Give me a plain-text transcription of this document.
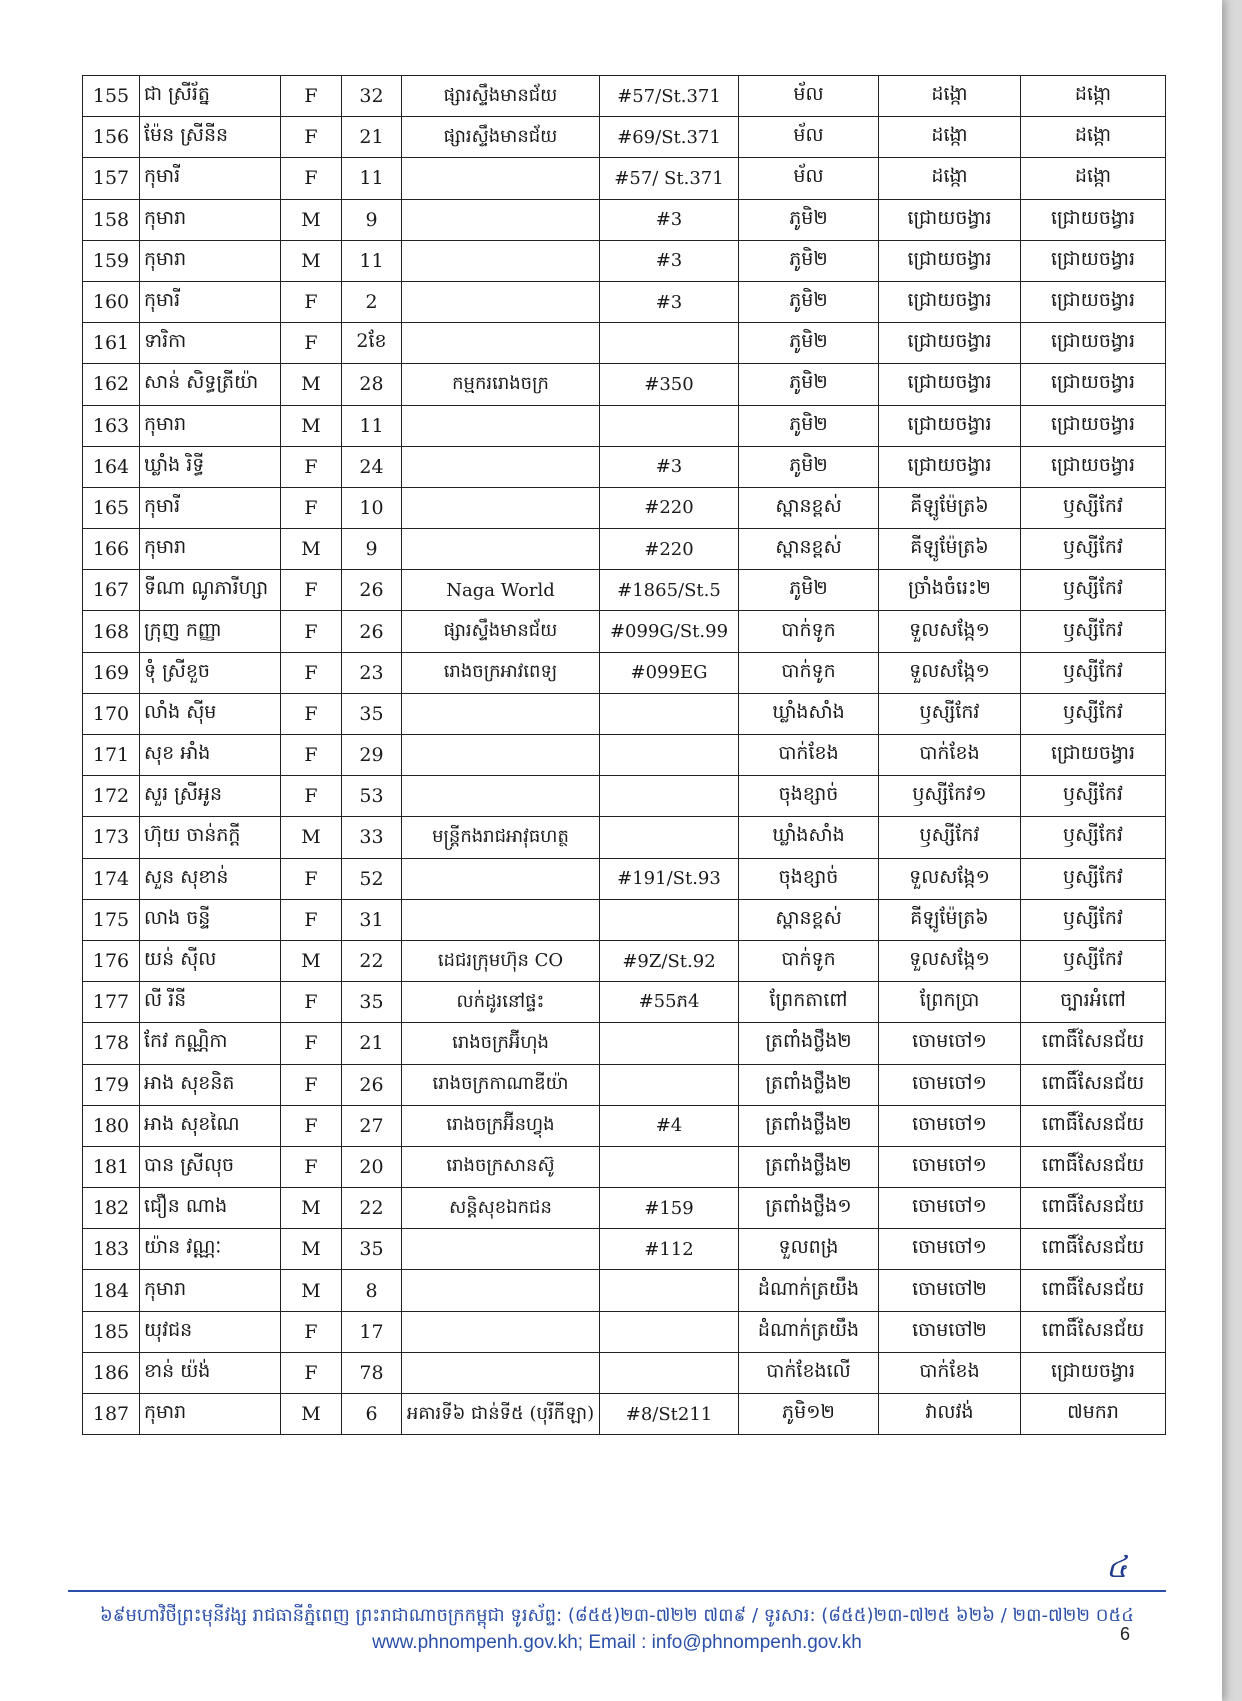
155	ជា ស្រីរ័ត្ន	F	32	ផ្សារស្ទឹងមានជ័យ	#57/St.371	ម័ល	ដង្កោ	ដង្កោ
156	ម៉ែន ស្រីនីន	F	21	ផ្សារស្ទឹងមានជ័យ	#69/St.371	ម័ល	ដង្កោ	ដង្កោ
157	កុមារី	F	11		#57/ St.371	ម័ល	ដង្កោ	ដង្កោ
158	កុមារា	M	9		#3	ភូមិ២	ជ្រោយចង្វារ	ជ្រោយចង្វារ
159	កុមារា	M	11		#3	ភូមិ២	ជ្រោយចង្វារ	ជ្រោយចង្វារ
160	កុមារី	F	2		#3	ភូមិ២	ជ្រោយចង្វារ	ជ្រោយចង្វារ
161	ទារិកា	F	2ខែ			ភូមិ២	ជ្រោយចង្វារ	ជ្រោយចង្វារ
162	សាន់ សិទ្ធត្រីយ៉ា	M	28	កម្មកររោងចក្រ	#350	ភូមិ២	ជ្រោយចង្វារ	ជ្រោយចង្វារ
163	កុមារា	M	11			ភូមិ២	ជ្រោយចង្វារ	ជ្រោយចង្វារ
164	ឃ្លាំង រិទ្ធី	F	24		#3	ភូមិ២	ជ្រោយចង្វារ	ជ្រោយចង្វារ
165	កុមារី	F	10		#220	ស្ពានខ្ពស់	គីឡូម៉ែត្រ៦	ឫស្សីកែវ
166	កុមារា	M	9		#220	ស្ពានខ្ពស់	គីឡូម៉ែត្រ៦	ឫស្សីកែវ
167	ទីណា ណូភារីហ្សា	F	26	Naga World	#1865/St.5	ភូមិ២	ច្រាំងចំរេះ២	ឫស្សីកែវ
168	ក្រុញ កញ្ញា	F	26	ផ្សារស្ទឹងមានជ័យ	#099G/St.99	បាក់ទូក	ទួលសង្កែ១	ឫស្សីកែវ
169	ទុំ ស្រីខួច	F	23	រោងចក្រអាវពេទ្យ	#099EG	បាក់ទូក	ទួលសង្កែ១	ឫស្សីកែវ
170	លាំង ស៊ីម	F	35			ឃ្លាំងសាំង	ឫស្សីកែវ	ឫស្សីកែវ
171	សុខ អាំង	F	29			បាក់ខែង	បាក់ខែង	ជ្រោយចង្វារ
172	សួរ ស្រីអូន	F	53			ចុងខ្សាច់	ឫស្សីកែវ១	ឫស្សីកែវ
173	ហ៊ុយ ចាន់ភក្តី	M	33	មន្ត្រីកងរាជអាវុធហត្ថ		ឃ្លាំងសាំង	ឫស្សីកែវ	ឫស្សីកែវ
174	សួន សុខាន់	F	52		#191/St.93	ចុងខ្សាច់	ទួលសង្កែ១	ឫស្សីកែវ
175	លាង ចន្ទី	F	31			ស្ពានខ្ពស់	គីឡូម៉ែត្រ៦	ឫស្សីកែវ
176	យន់ ស៊ីល	M	22	ដេជរក្រុមហ៊ុន CO	#9Z/St.92	បាក់ទូក	ទួលសង្កែ១	ឫស្សីកែវ
177	លី រីនី	F	35	លក់ដូរនៅផ្ទះ	#55ភ4	ព្រែកតាពៅ	ព្រែកប្រា	ច្បារអំពៅ
178	កែវ កណ្ណិកា	F	21	រោងចក្រអ៊ីហុង		ត្រពាំងថ្លឹង២	ចោមចៅ១	ពោធិ៍សែនជ័យ
179	អាង សុខនិត	F	26	រោងចក្រកាណាឌីយ៉ា		ត្រពាំងថ្លឹង២	ចោមចៅ១	ពោធិ៍សែនជ័យ
180	អាង សុខណៃ	F	27	រោងចក្រអ៊ីនហ្វុង	#4	ត្រពាំងថ្លឹង២	ចោមចៅ១	ពោធិ៍សែនជ័យ
181	បាន ស្រីលុច	F	20	រោងចក្រសានស៊ូ		ត្រពាំងថ្លឹង២	ចោមចៅ១	ពោធិ៍សែនជ័យ
182	ជឿន ណាង	M	22	សន្តិសុខឯកជន	#159	ត្រពាំងថ្លឹង១	ចោមចៅ១	ពោធិ៍សែនជ័យ
183	យ៉ាន វណ្ណៈ	M	35		#112	ទួលពង្រ	ចោមចៅ១	ពោធិ៍សែនជ័យ
184	កុមារា	M	8			ដំណាក់ត្រយឹង	ចោមចៅ២	ពោធិ៍សែនជ័យ
185	យុវជន	F	17			ដំណាក់ត្រយឹង	ចោមចៅ២	ពោធិ៍សែនជ័យ
186	ខាន់ យ៉ង់	F	78			បាក់ខែងលើ	បាក់ខែង	ជ្រោយចង្វារ
187	កុមារា	M	6	អគារទី៦ ជាន់ទី៥ (បុរីកីឡា)	#8/St211	ភូមិ១២	វាលវង់	៧មករា
៤
៦៩មហាវិថីព្រះមុនីវង្ស រាជធានីភ្នំពេញ ព្រះរាជាណាចក្រកម្ពុជា ទូរស័ព្ទ: (៨៥៥)២៣-៧២២ ៧៣៩ / ទូរសារ: (៨៥៥)២៣-៧២៥ ៦២៦ / ២៣-៧២២ ០៥៤
www.phnompenh.gov.kh; Email : info@phnompenh.gov.kh	6
